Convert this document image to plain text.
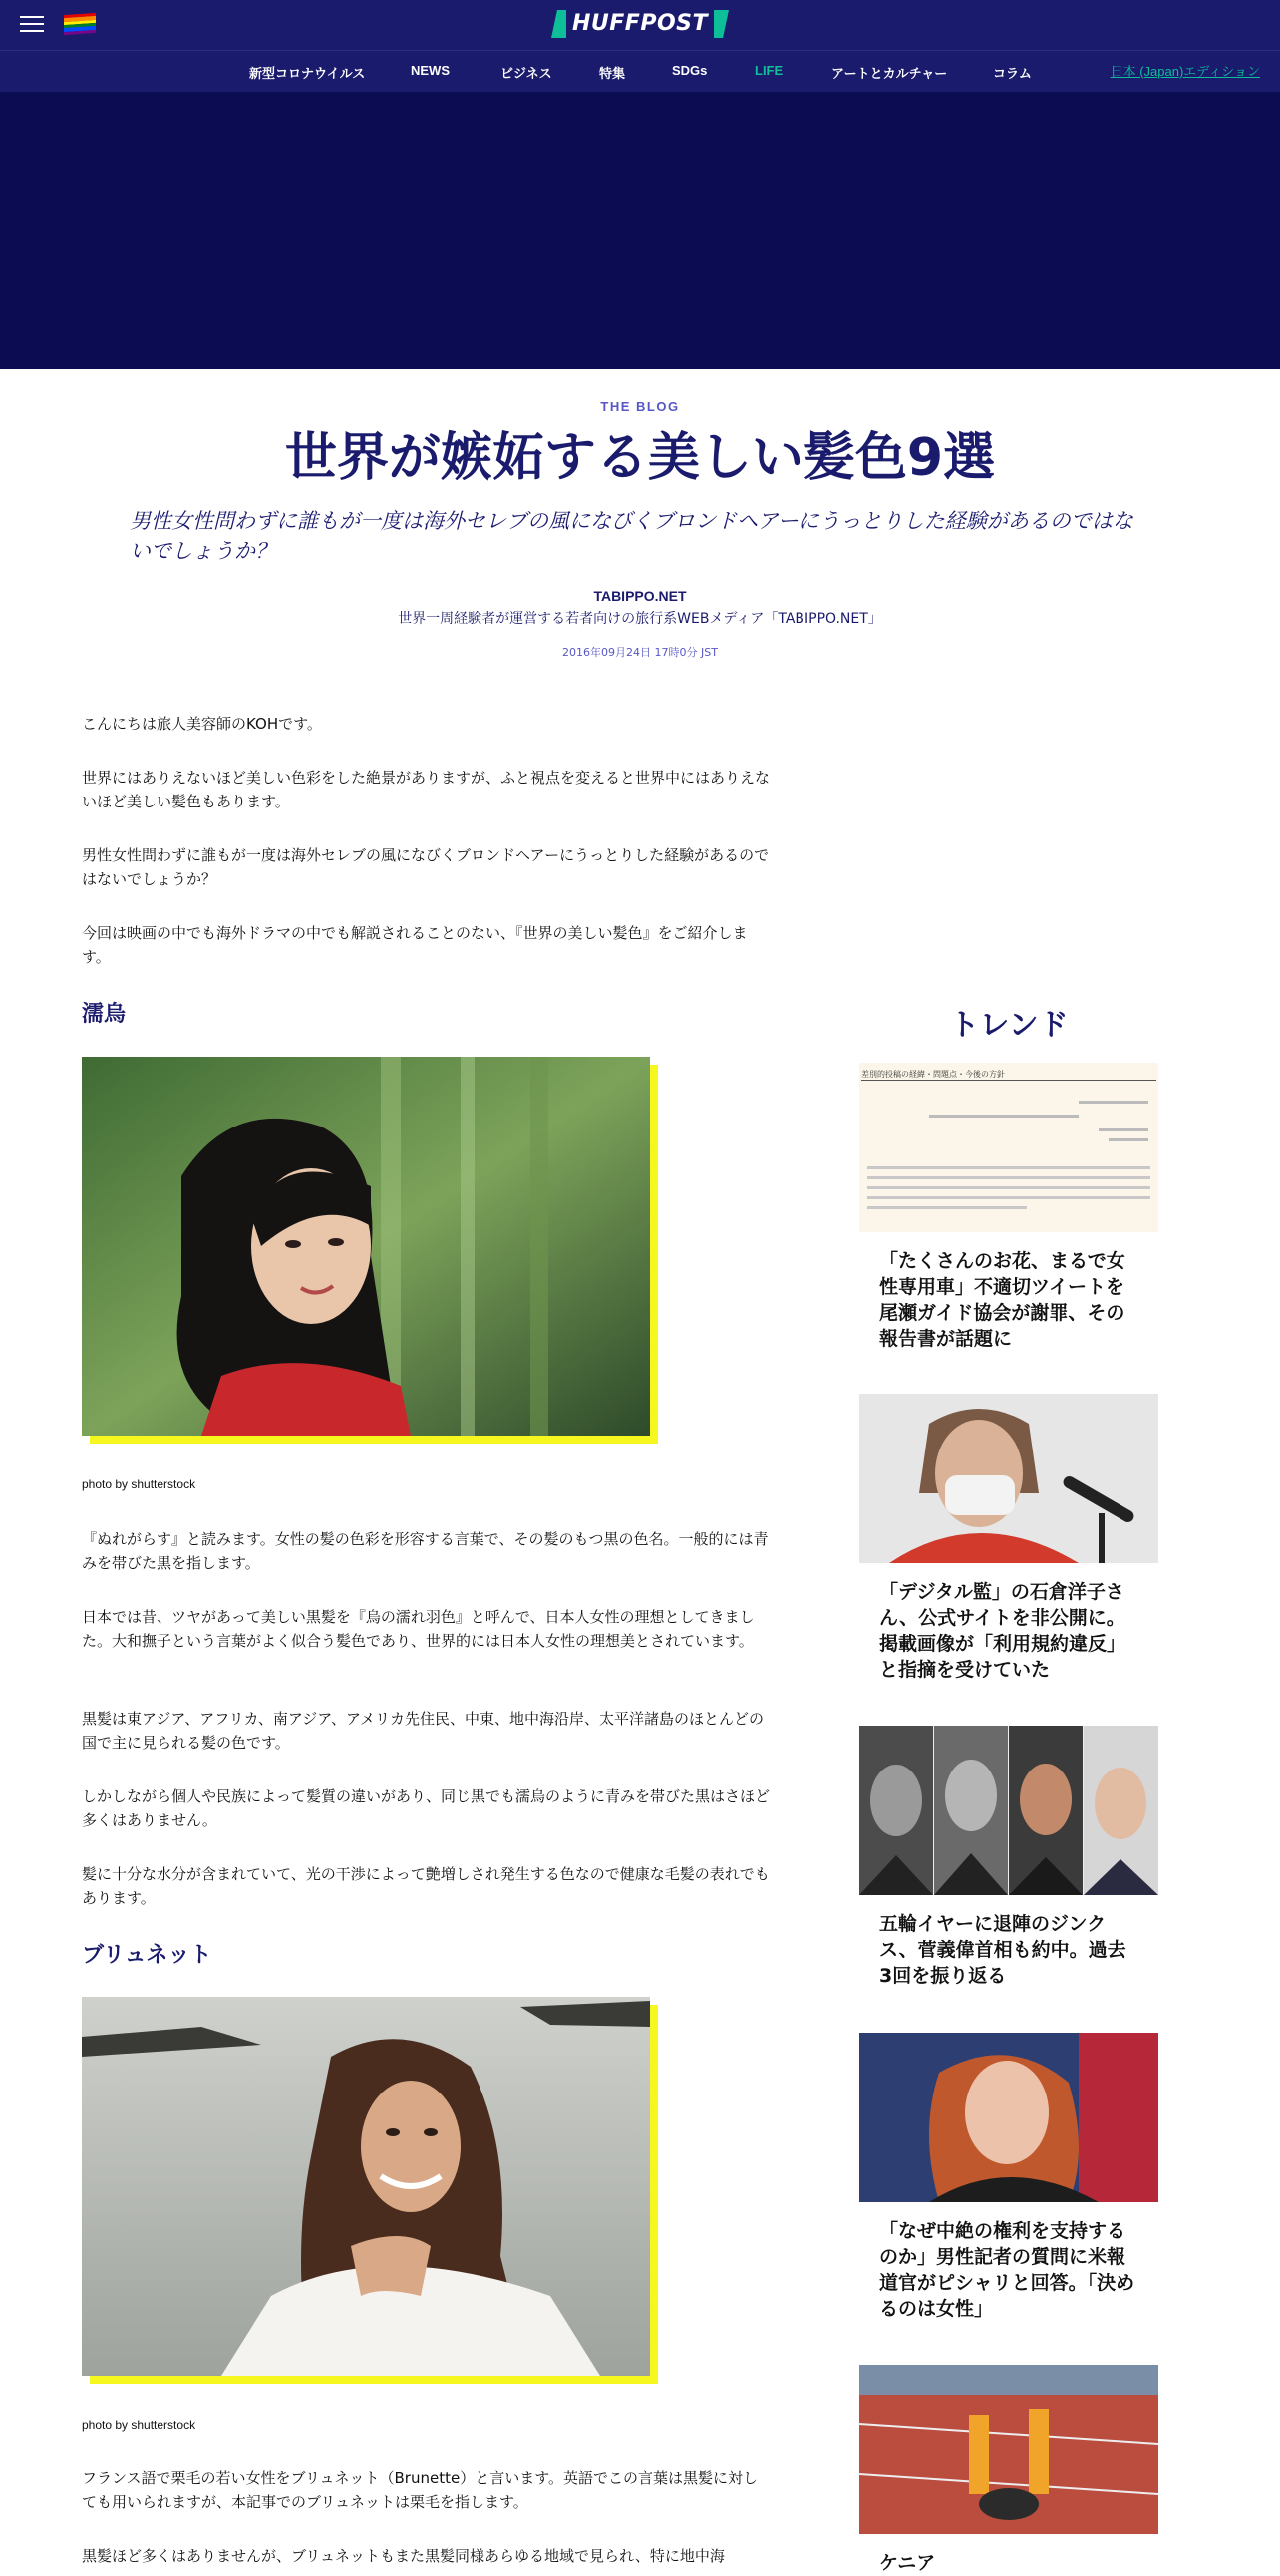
HUFFPOST
新型コロナウイルス	NEWS	ビジネス	特集	SDGs	LIFE	アートとカルチャー	コラム	日本 (Japan)エディション
THE BLOG
世界が嫉妬する美しい髪色9選
男性女性問わずに誰もが一度は海外セレブの風になびくブロンドヘアーにうっとりした経験があるのではないでしょうか？
TABIPPO.NET
世界一周経験者が運営する若者向けの旅行系WEBメディア「TABIPPO.NET」
2016年09月24日 17時0分 JST

こんにちは旅人美容師のKOHです。

世界にはありえないほど美しい色彩をした絶景がありますが、ふと視点を変えると世界中にはありえないほど美しい髪色もあります。

男性女性問わずに誰もが一度は海外セレブの風になびくブロンドヘアーにうっとりした経験があるのではないでしょうか？

今回は映画の中でも海外ドラマの中でも解説されることのない、『世界の美しい髪色』をご紹介します。

濡烏
photo by shutterstock

『ぬれがらす』と読みます。女性の髪の色彩を形容する言葉で、その髪のもつ黒の色名。一般的には青みを帯びた黒を指します。

日本では昔、ツヤがあって美しい黒髪を『烏の濡れ羽色』と呼んで、日本人女性の理想としてきました。大和撫子という言葉がよく似合う髪色であり、世界的には日本人女性の理想美とされています。

黒髪は東アジア、アフリカ、南アジア、アメリカ先住民、中東、地中海沿岸、太平洋諸島のほとんどの国で主に見られる髪の色です。

しかしながら個人や民族によって髪質の違いがあり、同じ黒でも濡烏のように青みを帯びた黒はさほど多くはありません。

髪に十分な水分が含まれていて、光の干渉によって艶増しされ発生する色なので健康な毛髪の表れでもあります。

ブリュネット
photo by shutterstock

フランス語で栗毛の若い女性をブリュネット（Brunette）と言います。英語でこの言葉は黒髪に対しても用いられますが、本記事でのブリュネットは栗毛を指します。

黒髪ほど多くはありませんが、ブリュネットもまた黒髪同様あらゆる地域で見られ、特に地中海

トレンド
差別的投稿の経緯・問題点・今後の方針
「たくさんのお花、まるで女性専用車」不適切ツイートを尾瀬ガイド協会が謝罪、その報告書が話題に
「デジタル監」の石倉洋子さん、公式サイトを非公開に。掲載画像が「利用規約違反」と指摘を受けていた
五輪イヤーに退陣のジンクス、菅義偉首相も約中。過去3回を振り返る
「なぜ中絶の権利を支持するのか」男性記者の質問に米報道官がピシャリと回答。「決めるのは女性」
ケニア
